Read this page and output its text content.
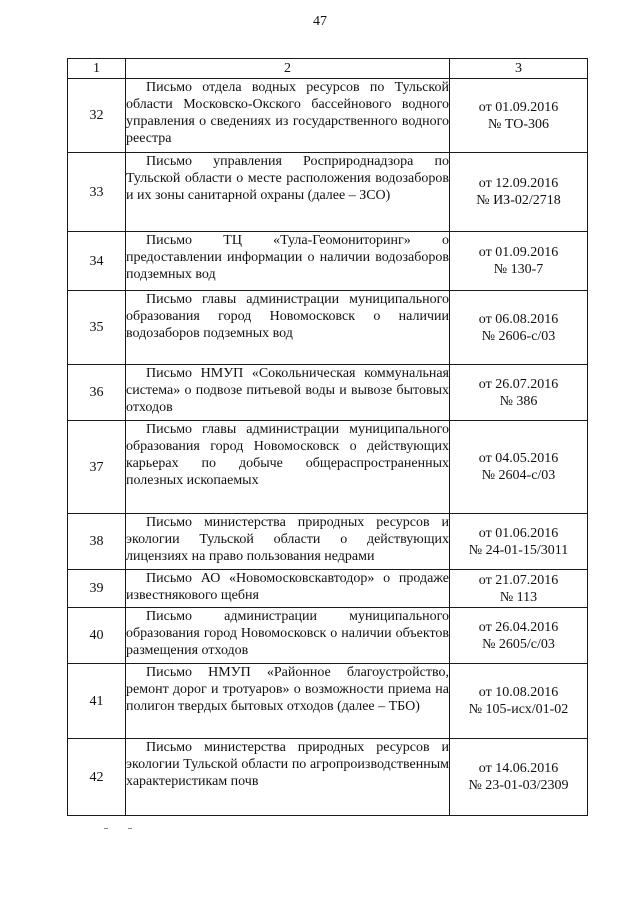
47
1	2	3
32	Письмо отдела водных ресурсов по Тульской области Московско-Окского бассейнового водного управления о сведениях из государственного водного реестра	от 01.09.2016
№ ТО-306

33	Письмо управления Росприроднадзора по Тульской области о месте расположения водозаборов и их зоны санитарной охраны (далее – ЗСО)	от 12.09.2016
№ ИЗ-02/2718

34	Письмо ТЦ «Тула-Геомониторинг» о предоставлении информации о наличии водозаборов подземных вод	от 01.09.2016
№ 130-7

35	Письмо главы администрации муниципального образования город Новомосковск о наличии водозаборов подземных вод	от 06.08.2016
№ 2606-с/03

36	Письмо НМУП «Сокольническая коммунальная система» о подвозе питьевой воды и вывозе бытовых отходов	от 26.07.2016
№ 386

37	Письмо главы администрации муниципального образования город Новомосковск о действующих карьерах по добыче общераспространенных полезных ископаемых	от 04.05.2016
№ 2604-с/03

38	Письмо министерства природных ресурсов и экологии Тульской области о действующих лицензиях на право пользования недрами	от 01.06.2016
№ 24-01-15/3011

39	Письмо АО «Новомосковскавтодор» о продаже известнякового щебня	от 21.07.2016
№ 113

40	Письмо администрации муниципального образования город Новомосковск о наличии объектов размещения отходов	от 26.04.2016
№ 2605/с/03

41	Письмо НМУП «Районное благоустройство, ремонт дорог и тротуаров» о возможности приема на полигон твердых бытовых отходов (далее – ТБО)	от 10.08.2016
№ 105-исх/01-02

42	Письмо министерства природных ресурсов и экологии Тульской области по агропроизводственным характеристикам почв	от 14.06.2016
№ 23-01-03/2309
